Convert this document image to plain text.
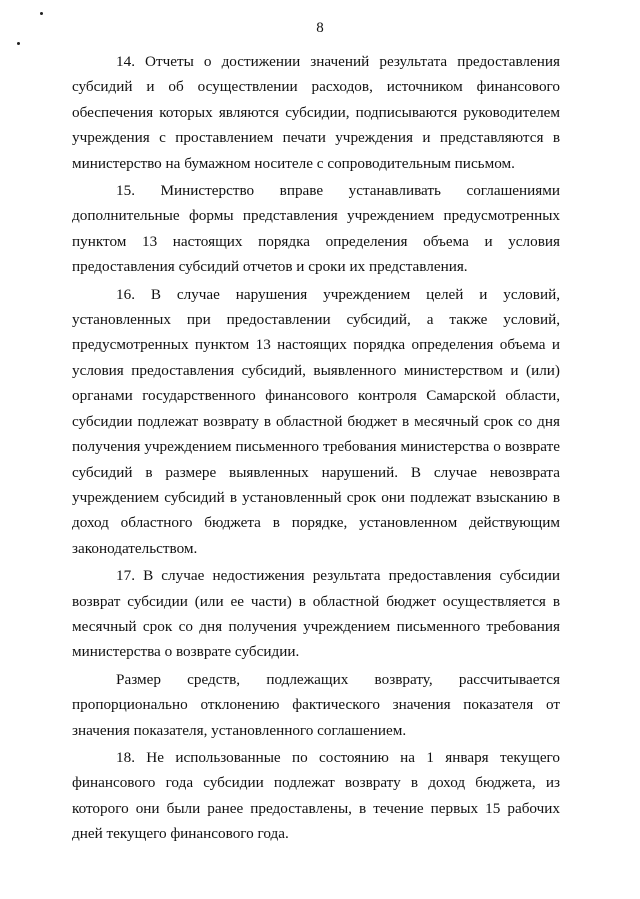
8

14. Отчеты о достижении значений результата предоставления субсидий и об осуществлении расходов, источником финансового обеспечения которых являются субсидии, подписываются руководителем учреждения с проставлением печати учреждения и представляются в министерство на бумажном носителе с сопроводительным письмом.

15. Министерство вправе устанавливать соглашениями дополнительные формы представления учреждением предусмотренных пунктом 13 настоящих порядка определения объема и условия предоставления субсидий отчетов и сроки их представления.

16. В случае нарушения учреждением целей и условий, установленных при предоставлении субсидий, а также условий, предусмотренных пунктом 13 настоящих порядка определения объема и условия предоставления субсидий, выявленного министерством и (или) органами государственного финансового контроля Самарской области, субсидии подлежат возврату в областной бюджет в месячный срок со дня получения учреждением письменного требования министерства о возврате субсидий в размере выявленных нарушений. В случае невозврата учреждением субсидий в установленный срок они подлежат взысканию в доход областного бюджета в порядке, установленном действующим законодательством.

17. В случае недостижения результата предоставления субсидии возврат субсидии (или ее части) в областной бюджет осуществляется в месячный срок со дня получения учреждением письменного требования министерства о возврате субсидии.

Размер средств, подлежащих возврату, рассчитывается пропорционально отклонению фактического значения показателя от значения показателя, установленного соглашением.

18. Не использованные по состоянию на 1 января текущего финансового года субсидии подлежат возврату в доход бюджета, из которого они были ранее предоставлены, в течение первых 15 рабочих дней текущего финансового года.
